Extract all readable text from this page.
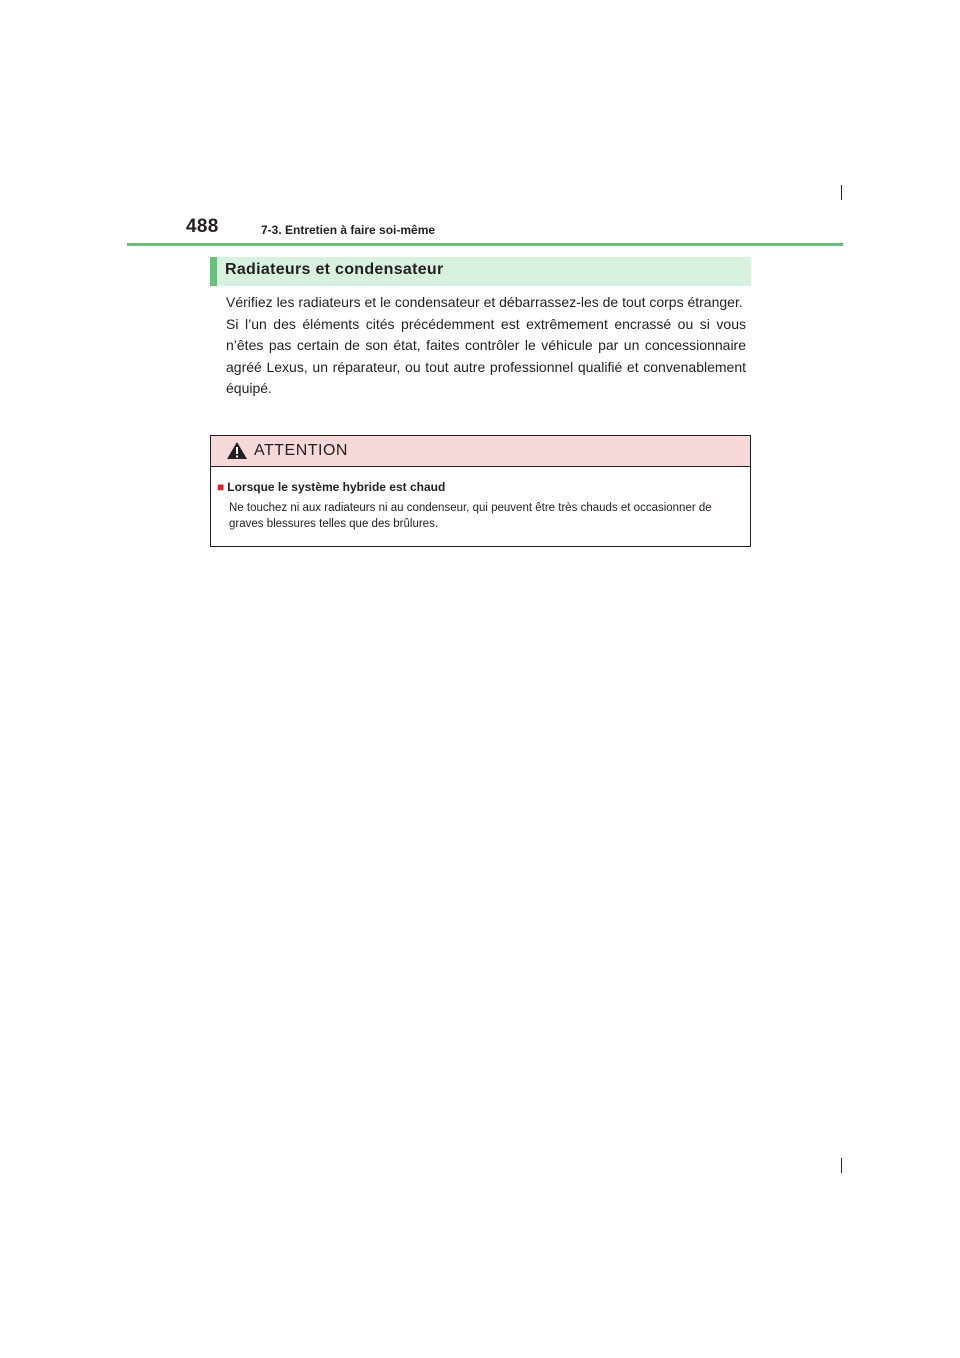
488	7-3. Entretien à faire soi-même
Radiateurs et condensateur

Vérifiez les radiateurs et le condensateur et débarrassez-les de tout corps étranger.

Si l’un des éléments cités précédemment est extrêmement encrassé ou si vous n’êtes pas certain de son état, faites contrôler le véhicule par un concessionnaire agréé Lexus, un réparateur, ou tout autre professionnel qualifié et convenablement équipé.

ATTENTION
■ Lorsque le système hybride est chaud

Ne touchez ni aux radiateurs ni au condenseur, qui peuvent être très chauds et occasionner de graves blessures telles que des brûlures.
